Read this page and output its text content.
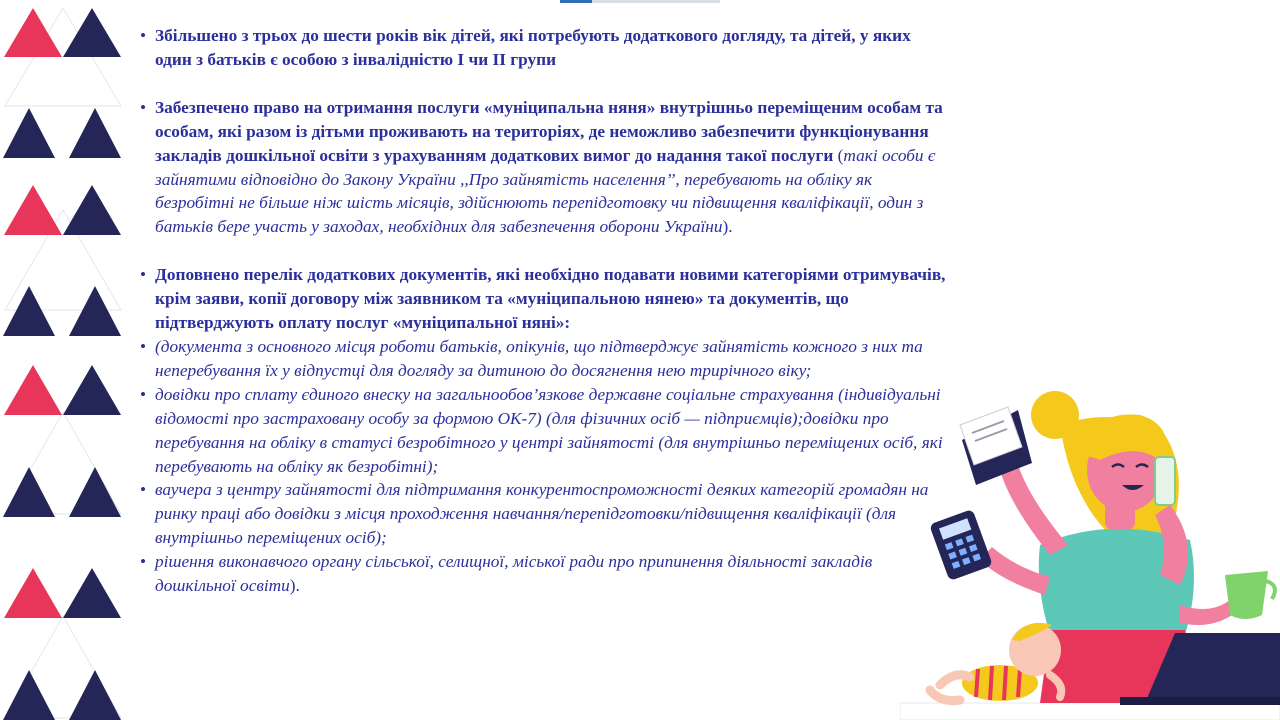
• Збільшено з трьох до шести років вік дітей, які потребують додаткового догляду, та дітей, у яких один з батьків є особою з інвалідністю I чи II групи

• Забезпечено право на отримання послуги «муніципальна няня» внутрішньо переміщеним особам та особам, які разом із дітьми проживають на територіях, де неможливо забезпечити функціонування закладів дошкільної освіти з урахуванням додаткових вимог до надання такої послуги (такі особи є зайнятими відповідно до Закону України ,,Про зайнятість населення’’, перебувають на обліку як безробітні не більше ніж шість місяців, здійснюють перепідготовку чи підвищення кваліфікації, один з батьків бере участь у заходах, необхідних для забезпечення оборони України).

• Доповнено перелік додаткових документів, які необхідно подавати новими категоріями отримувачів, крім заяви, копії договору між заявником та «муніципальною нянею» та документів, що підтверджують оплату послуг «муніципальної няні»:

• (документа з основного місця роботи батьків, опікунів, що підтверджує зайнятість кожного з них та неперебування їх у відпустці для догляду за дитиною до досягнення нею трирічного віку;

• довідки про сплату єдиного внеску на загальнообов’язкове державне соціальне страхування (індивідуальні відомості про застраховану особу за формою ОК-7) (для фізичних осіб — підприємців);довідки про перебування на обліку в статусі безробітного у центрі зайнятості (для внутрішньо переміщених осіб, які перебувають на обліку як безробітні);

• ваучера з центру зайнятості для підтримання конкурентоспроможності деяких категорій громадян на ринку праці або довідки з місця проходження навчання/перепідготовки/підвищення кваліфікації (для внутрішньо переміщених осіб);

• рішення виконавчого органу сільської, селищної, міської ради про припинення діяльності закладів дошкільної освіти).
